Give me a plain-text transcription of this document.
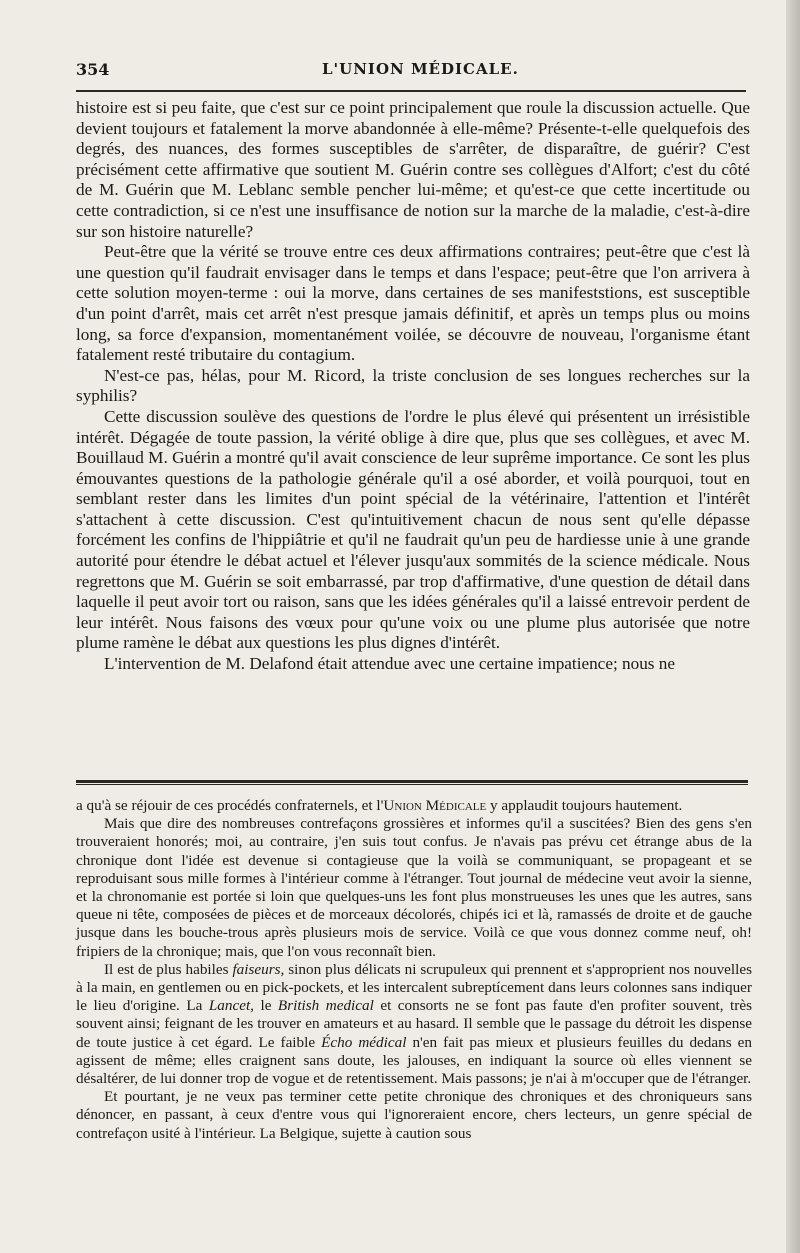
354	L'UNION MÉDICALE.

histoire est si peu faite, que c'est sur ce point principalement que roule la discussion actuelle. Que devient toujours et fatalement la morve abandonnée à elle-même? Présente-t-elle quelquefois des degrés, des nuances, des formes susceptibles de s'arrêter, de disparaître, de guérir? C'est précisément cette affirmative que soutient M. Guérin contre ses collègues d'Alfort; c'est du côté de M. Guérin que M. Leblanc semble pencher lui-même; et qu'est-ce que cette incertitude ou cette contradiction, si ce n'est une insuffisance de notion sur la marche de la maladie, c'est-à-dire sur son histoire naturelle?

Peut-être que la vérité se trouve entre ces deux affirmations contraires; peut-être que c'est là une question qu'il faudrait envisager dans le temps et dans l'espace; peut-être que l'on arrivera à cette solution moyen-terme : oui la morve, dans certaines de ses manifeststions, est susceptible d'un point d'arrêt, mais cet arrêt n'est presque jamais définitif, et après un temps plus ou moins long, sa force d'expansion, momentanément voilée, se découvre de nouveau, l'organisme étant fatalement resté tributaire du contagium.

N'est-ce pas, hélas, pour M. Ricord, la triste conclusion de ses longues recherches sur la syphilis?

Cette discussion soulève des questions de l'ordre le plus élevé qui présentent un irrésistible intérêt. Dégagée de toute passion, la vérité oblige à dire que, plus que ses collègues, et avec M. Bouillaud M. Guérin a montré qu'il avait conscience de leur suprême importance. Ce sont les plus émouvantes questions de la pathologie générale qu'il a osé aborder, et voilà pourquoi, tout en semblant rester dans les limites d'un point spécial de la vétérinaire, l'attention et l'intérêt s'attachent à cette discussion. C'est qu'intuitivement chacun de nous sent qu'elle dépasse forcément les confins de l'hippiâtrie et qu'il ne faudrait qu'un peu de hardiesse unie à une grande autorité pour étendre le débat actuel et l'élever jusqu'aux sommités de la science médicale. Nous regrettons que M. Guérin se soit embarrassé, par trop d'affirmative, d'une question de détail dans laquelle il peut avoir tort ou raison, sans que les idées générales qu'il a laissé entrevoir perdent de leur intérêt. Nous faisons des vœux pour qu'une voix ou une plume plus autorisée que notre plume ramène le débat aux questions les plus dignes d'intérêt.

L'intervention de M. Delafond était attendue avec une certaine impatience; nous ne

a qu'à se réjouir de ces procédés confraternels, et l'Union Médicale y applaudit toujours hautement.

Mais que dire des nombreuses contrefaçons grossières et informes qu'il a suscitées? Bien des gens s'en trouveraient honorés; moi, au contraire, j'en suis tout confus. Je n'avais pas prévu cet étrange abus de la chronique dont l'idée est devenue si contagieuse que la voilà se communiquant, se propageant et se reproduisant sous mille formes à l'intérieur comme à l'étranger. Tout journal de médecine veut avoir la sienne, et la chronomanie est portée si loin que quelques-uns les font plus monstrueuses les unes que les autres, sans queue ni tête, composées de pièces et de morceaux décolorés, chipés ici et là, ramassés de droite et de gauche jusque dans les bouche-trous après plusieurs mois de service. Voilà ce que vous donnez comme neuf, oh! fripiers de la chronique; mais, que l'on vous reconnaît bien.

Il est de plus habiles faiseurs, sinon plus délicats ni scrupuleux qui prennent et s'approprient nos nouvelles à la main, en gentlemen ou en pick-pockets, et les intercalent subreptícement dans leurs colonnes sans indiquer le lieu d'origine. La Lancet, le British medical et consorts ne se font pas faute d'en profiter souvent, très souvent ainsi; feignant de les trouver en amateurs et au hasard. Il semble que le passage du détroit les dispense de toute justice à cet égard. Le faible Écho médical n'en fait pas mieux et plusieurs feuilles du dedans en agissent de même; elles craignent sans doute, les jalouses, en indiquant la source où elles viennent se désaltérer, de lui donner trop de vogue et de retentissement. Mais passons; je n'ai à m'occuper que de l'étranger.

Et pourtant, je ne veux pas terminer cette petite chronique des chroniques et des chroniqueurs sans dénoncer, en passant, à ceux d'entre vous qui l'ignoreraient encore, chers lecteurs, un genre spécial de contrefaçon usité à l'intérieur. La Belgique, sujette à caution sous
